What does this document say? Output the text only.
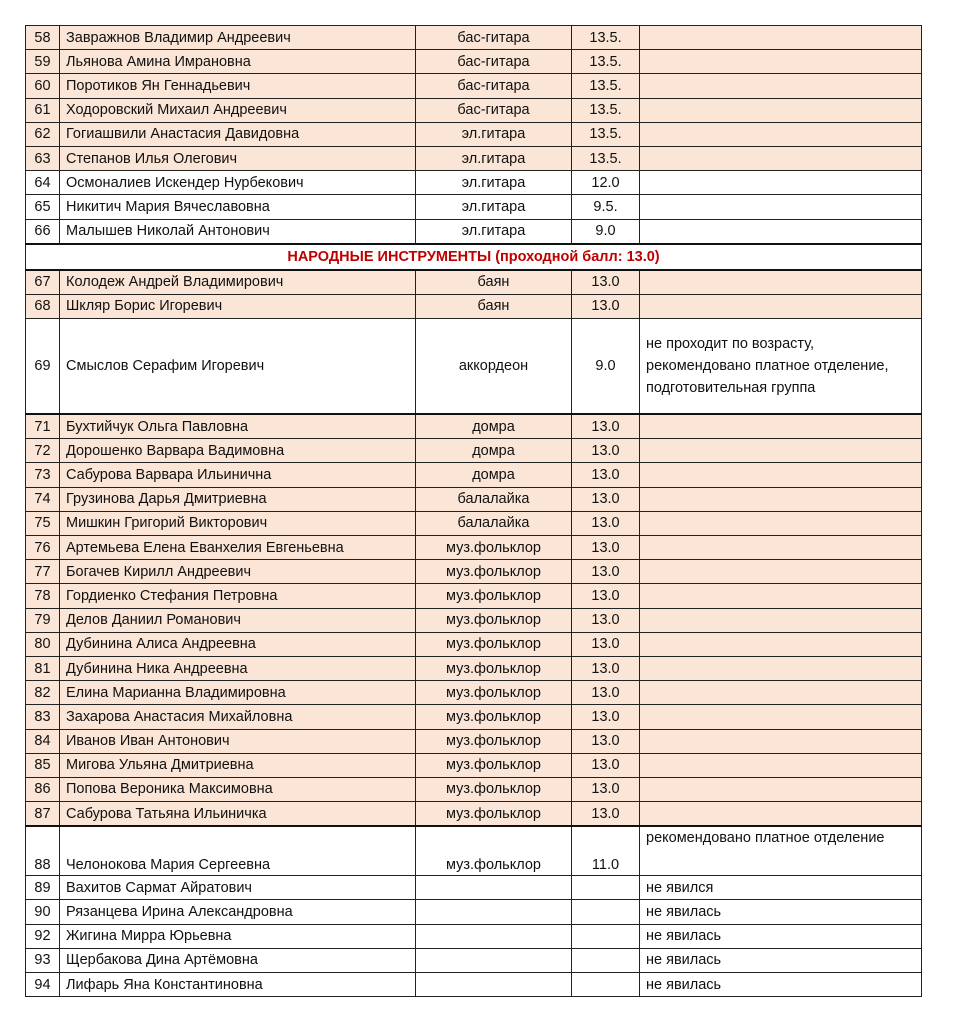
58	Завражнов Владимир Андреевич	бас-гитара	13.5.	
59	Льянова Амина Имрановна	бас-гитара	13.5.	
60	Поротиков Ян Геннадьевич	бас-гитара	13.5.	
61	Ходоровский Михаил Андреевич	бас-гитара	13.5.	
62	Гогиашвили Анастасия Давидовна	эл.гитара	13.5.	
63	Степанов Илья Олегович	эл.гитара	13.5.	
64	Осмоналиев Искендер Нурбекович	эл.гитара	12.0	
65	Никитич Мария Вячеславовна	эл.гитара	9.5.	
66	Малышев Николай Антонович	эл.гитара	9.0	
НАРОДНЫЕ ИНСТРУМЕНТЫ (проходной балл: 13.0)				
67	Колодеж Андрей Владимирович	баян	13.0	
68	Шкляр Борис Игоревич	баян	13.0	
69	Смыслов Серафим Игоревич	аккордеон	9.0	не проходит по возрасту, рекомендовано платное отделение, подготовительная группа
71	Бухтийчук Ольга Павловна	домра	13.0	
72	Дорошенко Варвара Вадимовна	домра	13.0	
73	Сабурова Варвара Ильинична	домра	13.0	
74	Грузинова Дарья Дмитриевна	балалайка	13.0	
75	Мишкин Григорий Викторович	балалайка	13.0	
76	Артемьева Елена Еванхелия Евгеньевна	муз.фольклор	13.0	
77	Богачев Кирилл Андреевич	муз.фольклор	13.0	
78	Гордиенко Стефания Петровна	муз.фольклор	13.0	
79	Делов Даниил Романович	муз.фольклор	13.0	
80	Дубинина Алиса Андреевна	муз.фольклор	13.0	
81	Дубинина Ника Андреевна	муз.фольклор	13.0	
82	Елина Марианна Владимировна	муз.фольклор	13.0	
83	Захарова Анастасия Михайловна	муз.фольклор	13.0	
84	Иванов Иван Антонович	муз.фольклор	13.0	
85	Мигова Ульяна Дмитриевна	муз.фольклор	13.0	
86	Попова Вероника Максимовна	муз.фольклор	13.0	
87	Сабурова Татьяна Ильиничка	муз.фольклор	13.0	
88	Челонокова Мария Сергеевна	муз.фольклор	11.0	рекомендовано платное отделение
89	Вахитов Сармат Айратович			не явился
90	Рязанцева Ирина Александровна			не явилась
92	Жигина Мирра Юрьевна			не явилась
93	Щербакова Дина Артёмовна			не явилась
94	Лифарь Яна Константиновна			не явилась
